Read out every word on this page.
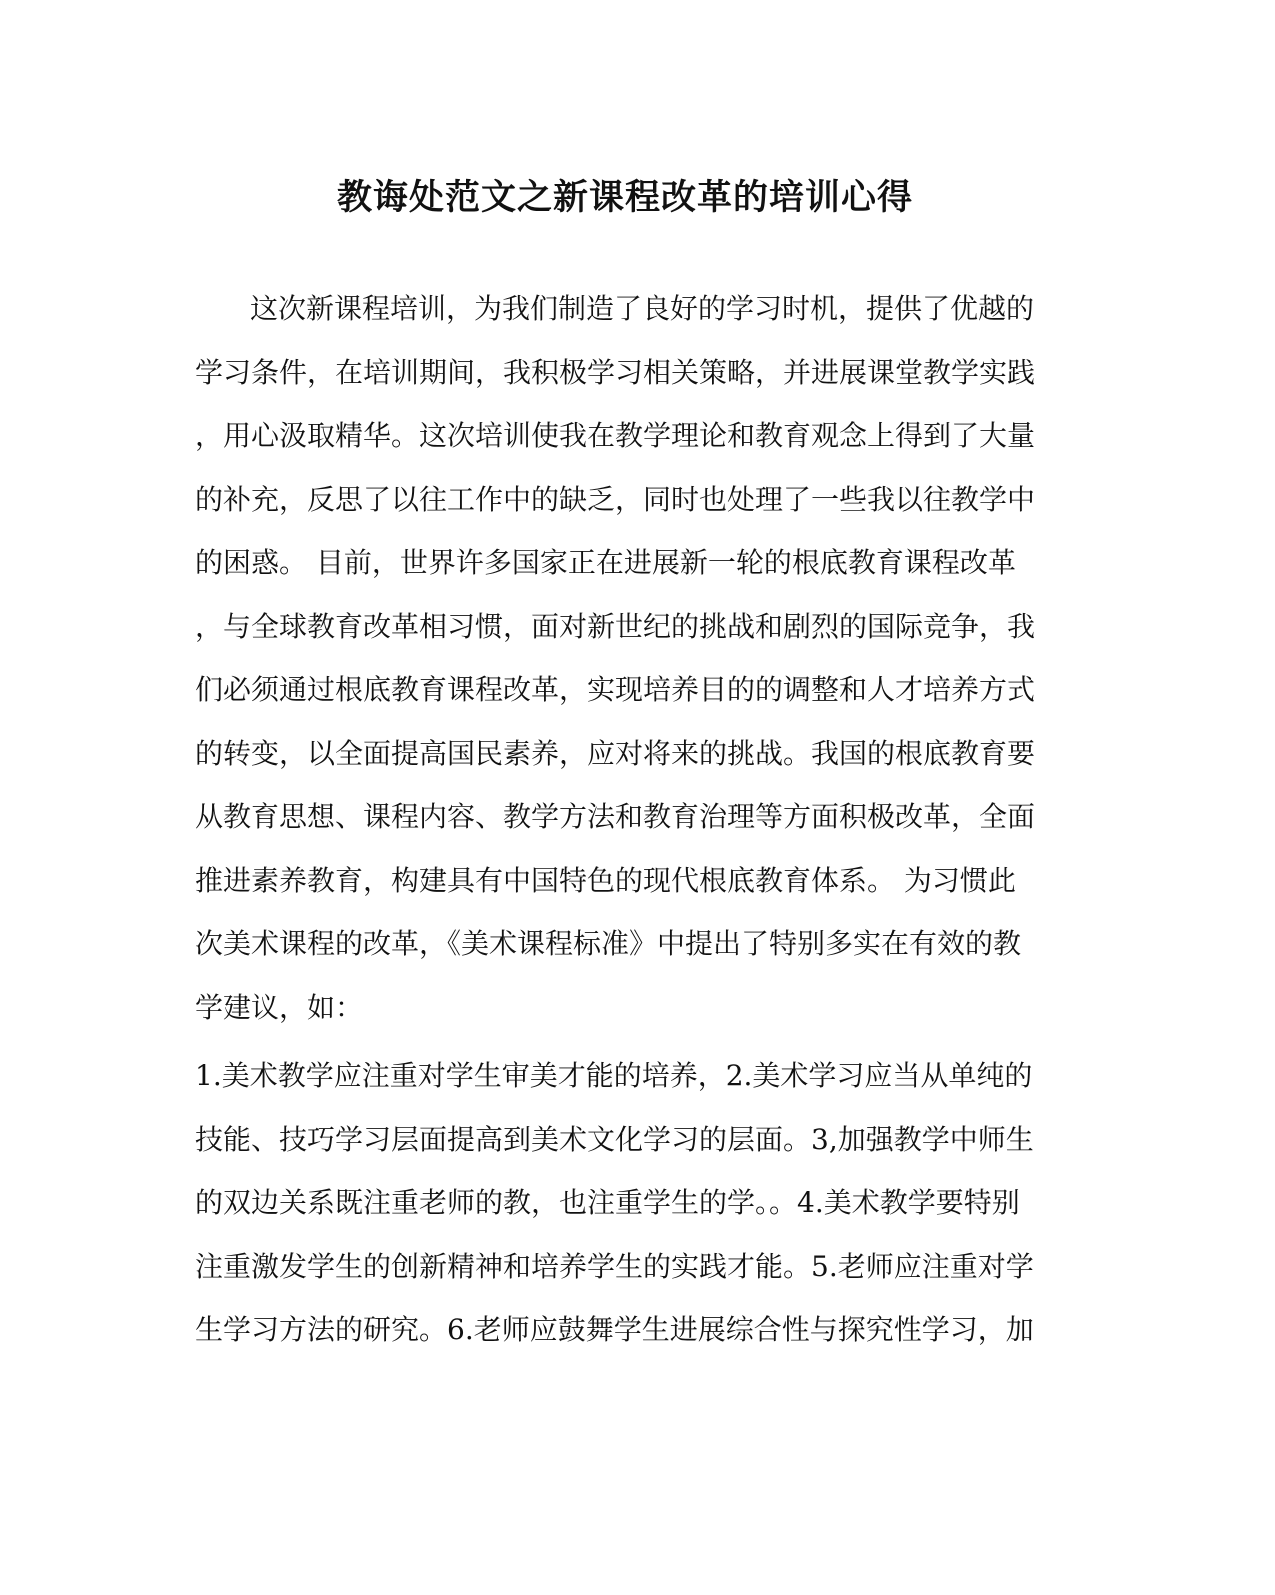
教诲处范文之新课程改革的培训心得
这次新课程培训，为我们制造了良好的学习时机，提供了优越的
学习条件，在培训期间，我积极学习相关策略，并进展课堂教学实践
，用心汲取精华。这次培训使我在教学理论和教育观念上得到了大量
的补充，反思了以往工作中的缺乏，同时也处理了一些我以往教学中
的困惑。 目前，世界许多国家正在进展新一轮的根底教育课程改革
，与全球教育改革相习惯，面对新世纪的挑战和剧烈的国际竞争，我
们必须通过根底教育课程改革，实现培养目的的调整和人才培养方式
的转变，以全面提高国民素养，应对将来的挑战。我国的根底教育要
从教育思想、课程内容、教学方法和教育治理等方面积极改革，全面
推进素养教育，构建具有中国特色的现代根底教育体系。 为习惯此
次美术课程的改革，《美术课程标准》中提出了特别多实在有效的教
学建议，如：
1.美术教学应注重对学生审美才能的培养，2.美术学习应当从单纯的
技能、技巧学习层面提高到美术文化学习的层面。3,加强教学中师生
的双边关系既注重老师的教，也注重学生的学。。4.美术教学要特别
注重激发学生的创新精神和培养学生的实践才能。5.老师应注重对学
生学习方法的研究。6.老师应鼓舞学生进展综合性与探究性学习，加
